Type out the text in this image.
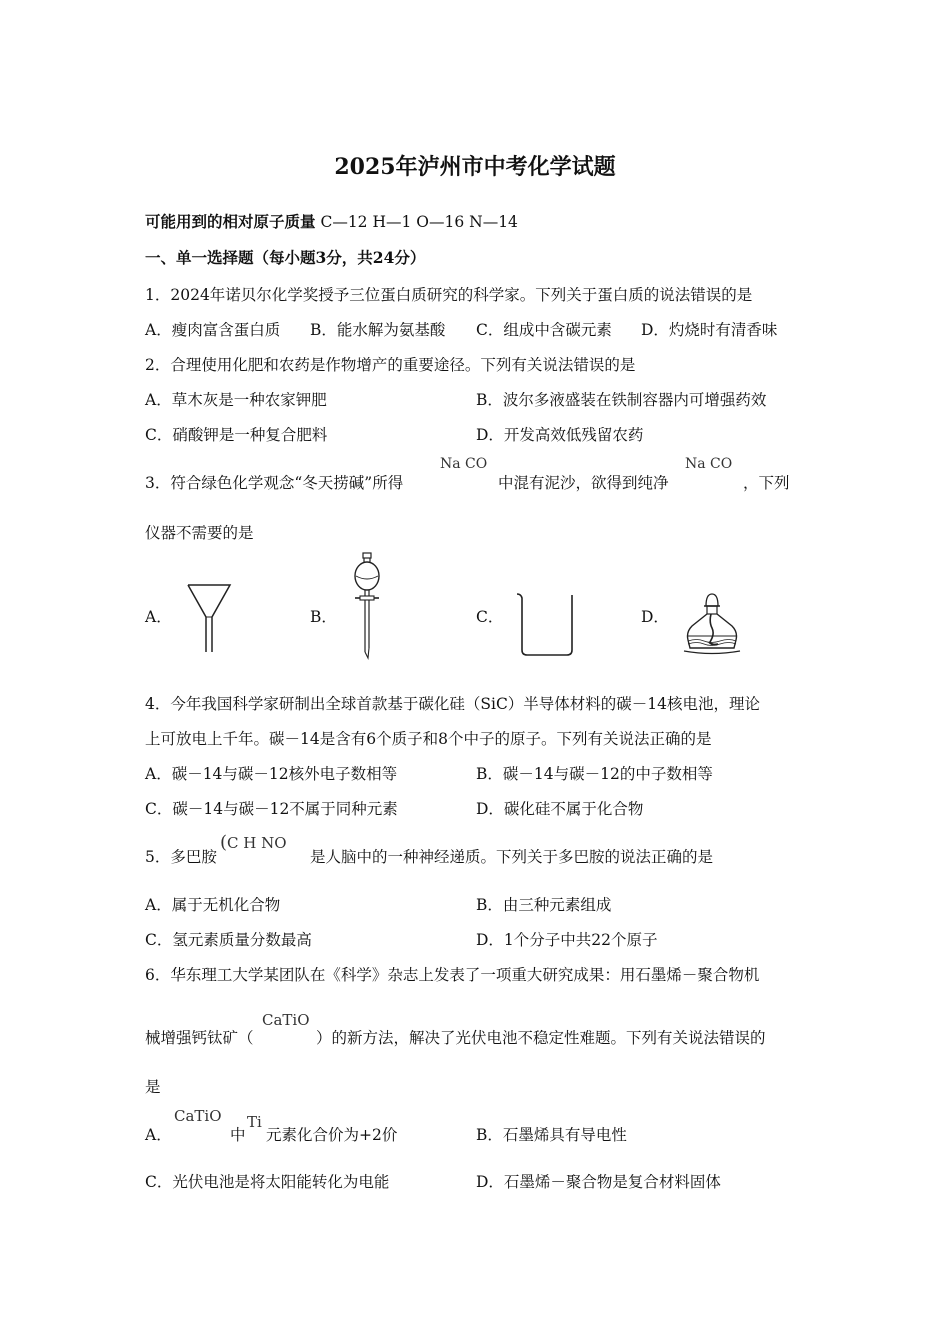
2025年泸州市中考化学试题
可能用到的相对原子质量 C—12 H—1 O—16 N—14
一、单一选择题（每小题3分，共24分）
1．2024年诺贝尔化学奖授予三位蛋白质研究的科学家。下列关于蛋白质的说法错误的是
A．瘦肉富含蛋白质 B．能水解为氨基酸 C．组成中含碳元素 D．灼烧时有清香味
2．合理使用化肥和农药是作物增产的重要途径。下列有关说法错误的是
A．草木灰是一种农家钾肥	B．波尔多液盛装在铁制容器内可增强药效
C．硝酸钾是一种复合肥料	D．开发高效低残留农药
3．符合绿色化学观念“冬天捞碱”所得
Na CO
中混有泥沙，欲得到纯净
Na CO
，下列
仪器不需要的是
A．	B．	C．	D．
4．今年我国科学家研制出全球首款基于碳化硅（SiC）半导体材料的碳－14核电池，理论
上可放电上千年。碳－14是含有6个质子和8个中子的原子。下列有关说法正确的是
A．碳－14与碳－12核外电子数相等	B．碳－14与碳－12的中子数相等
C．碳－14与碳－12不属于同种元素	D．碳化硅不属于化合物
5．多巴胺
(C H NO
是人脑中的一种神经递质。下列关于多巴胺的说法正确的是
A．属于无机化合物	B．由三种元素组成
C．氢元素质量分数最高	D．1个分子中共22个原子
6．华东理工大学某团队在《科学》杂志上发表了一项重大研究成果：用石墨烯－聚合物机
械增强钙钛矿（
CaTiO
）的新方法，解决了光伏电池不稳定性难题。下列有关说法错误的
是
A．
CaTiO
中
Ti
元素化合价为+2价	B．石墨烯具有导电性
C．光伏电池是将太阳能转化为电能	D．石墨烯－聚合物是复合材料固体
